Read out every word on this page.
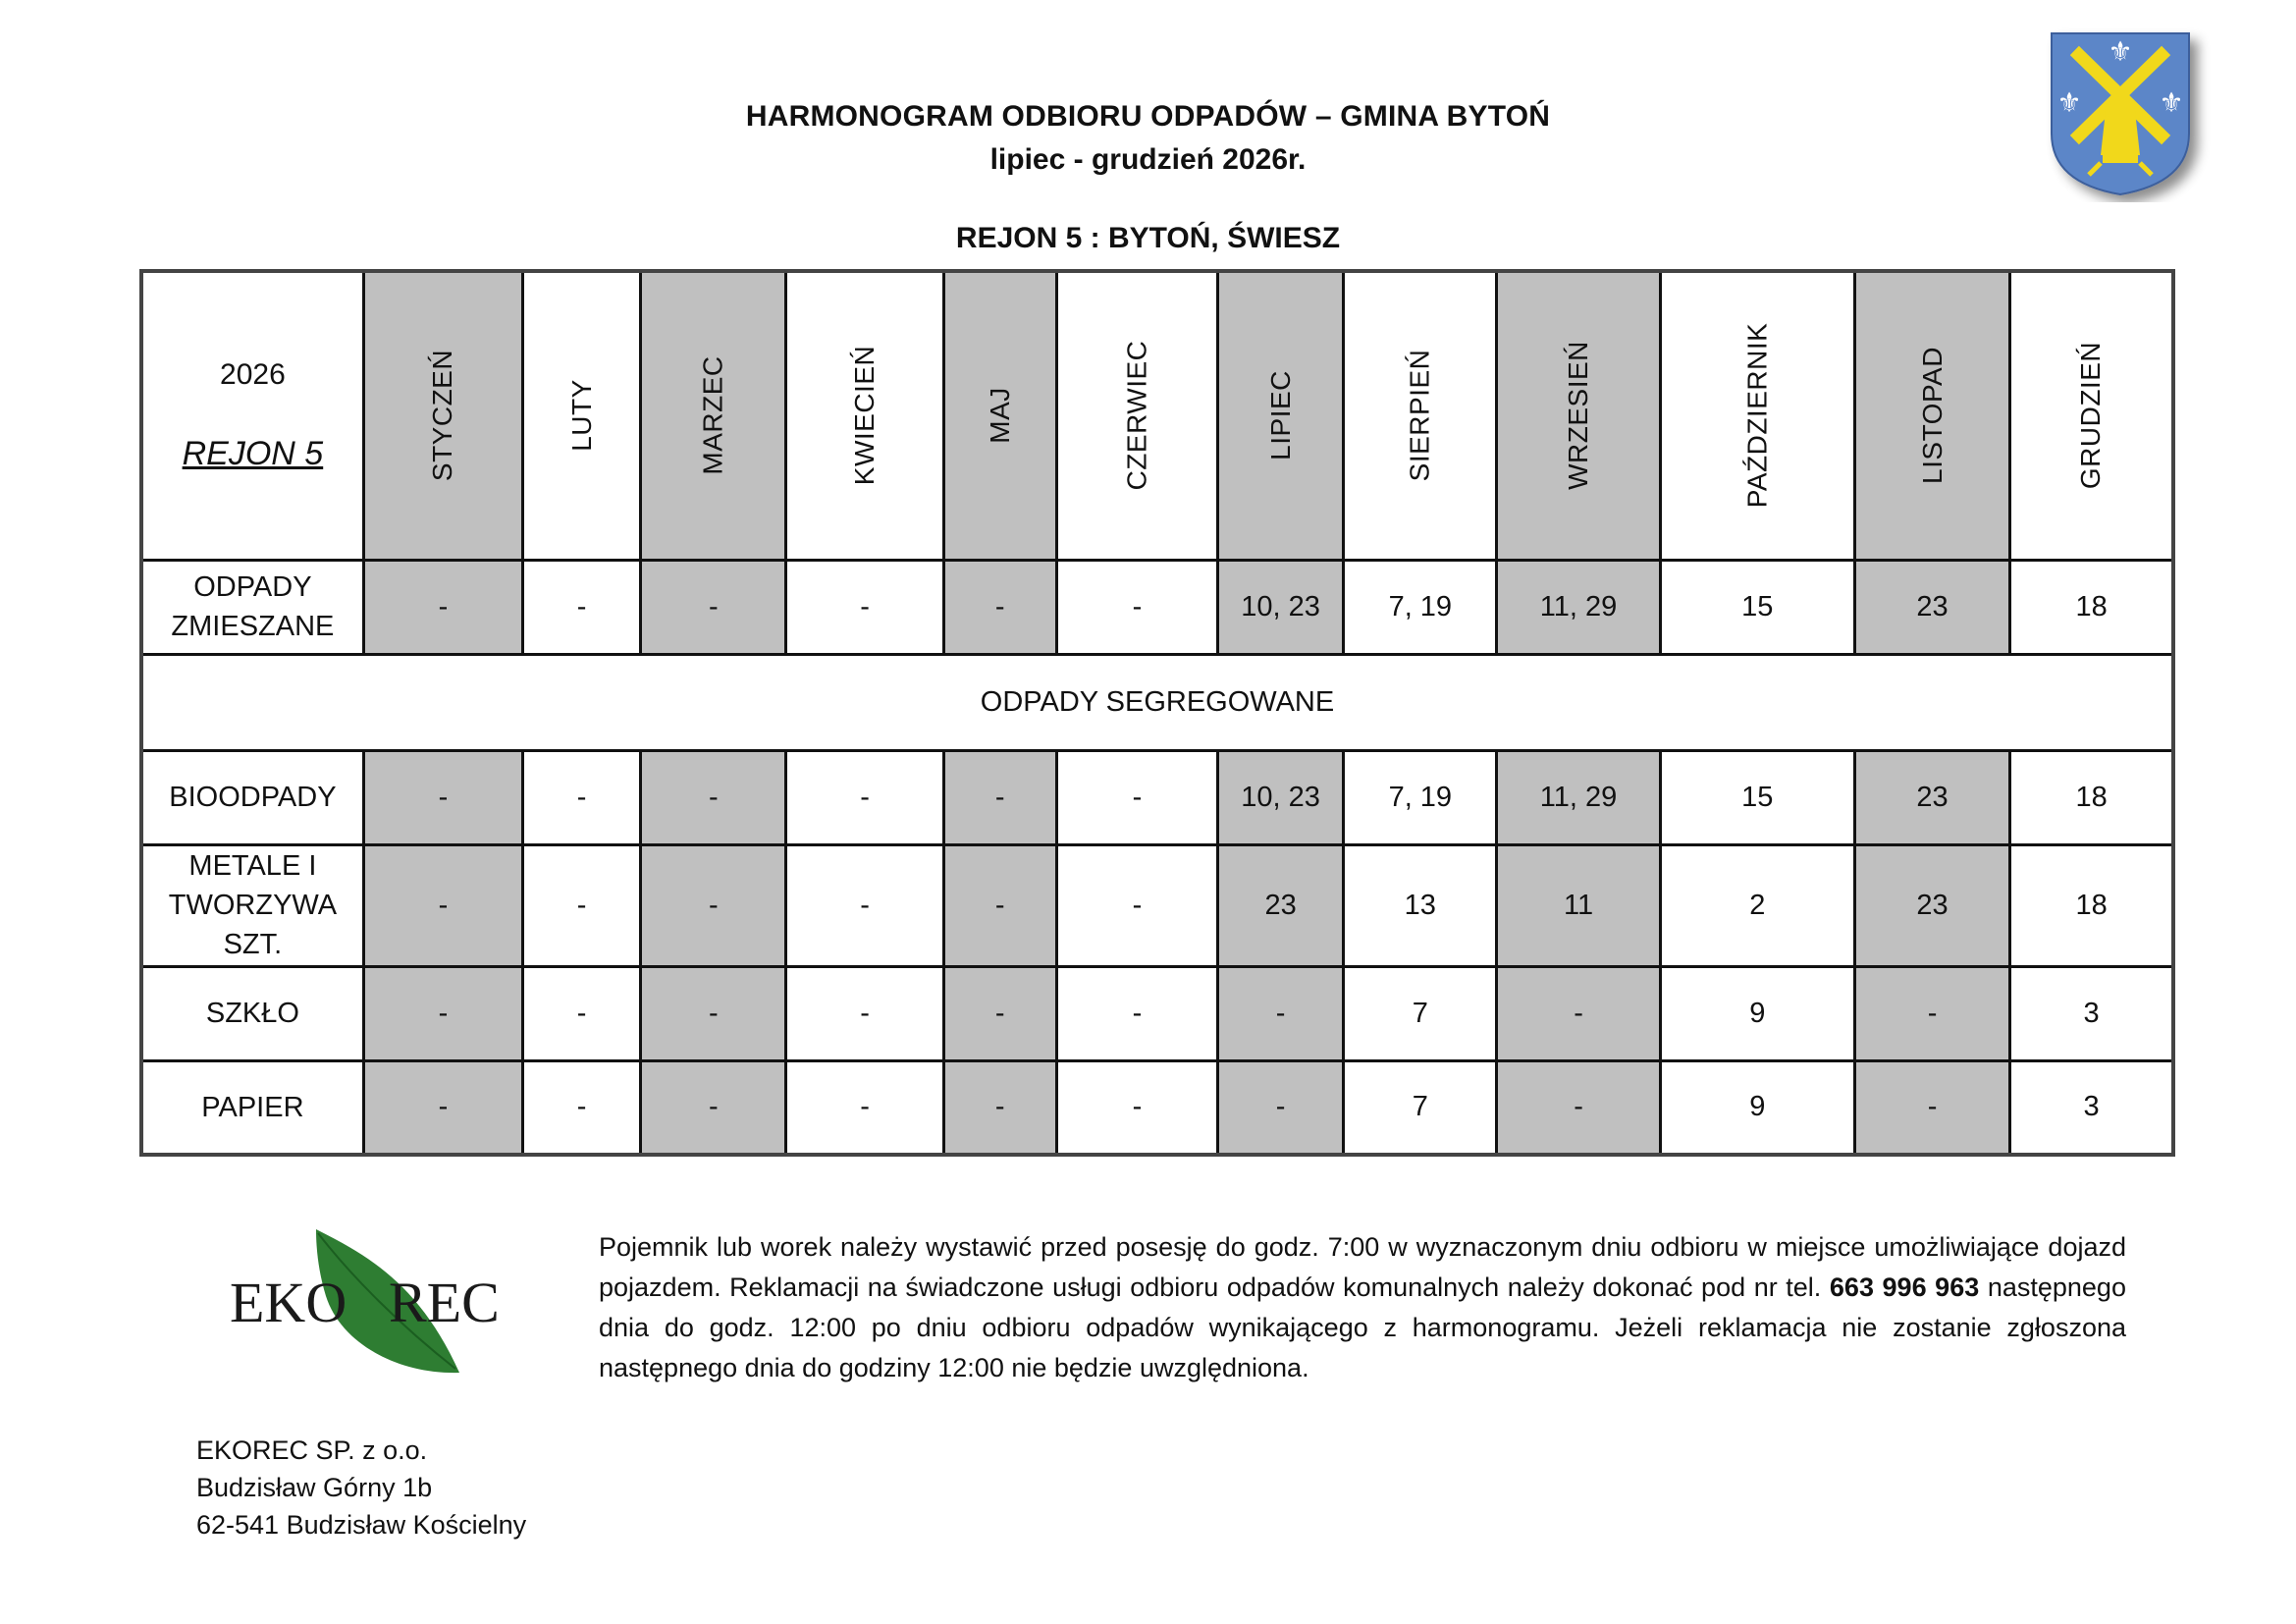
HARMONOGRAM ODBIORU ODPADÓW – GMINA BYTOŃ
lipiec - grudzień 2026r.
REJON 5 : BYTOŃ, ŚWIESZ
⚜
⚜	⚜
2026
REJON 5	STYCZEŃ	LUTY	MARZEC	KWIECIEŃ	MAJ	CZERWIEC	LIPIEC	SIERPIEŃ	WRZESIEŃ	PAŹDZIERNIK	LISTOPAD	GRUDZIEŃ
ODPADY ZMIESZANE	-	-	-	-	-	-	10, 23	7, 19	11, 29	15	23	18
ODPADY SEGREGOWANE												
BIOODPADY	-	-	-	-	-	-	10, 23	7, 19	11, 29	15	23	18
METALE I TWORZYWA SZT.	-	-	-	-	-	-	23	13	11	2	23	18
SZKŁO	-	-	-	-	-	-	-	7	-	9	-	3
PAPIER	-	-	-	-	-	-	-	7	-	9	-	3
EKO REC
Pojemnik lub worek należy wystawić przed posesję do godz. 7:00 w wyznaczonym dniu odbioru w miejsce umożliwiające dojazd pojazdem. Reklamacji na świadczone usługi odbioru odpadów komunalnych należy dokonać pod nr tel. 663 996 963 następnego dnia do godz. 12:00 po dniu odbioru odpadów wynikającego z harmonogramu. Jeżeli reklamacja nie zostanie zgłoszona następnego dnia do godziny 12:00 nie będzie uwzględniona.
EKOREC SP. z o.o.
Budzisław Górny 1b
62-541 Budzisław Kościelny
